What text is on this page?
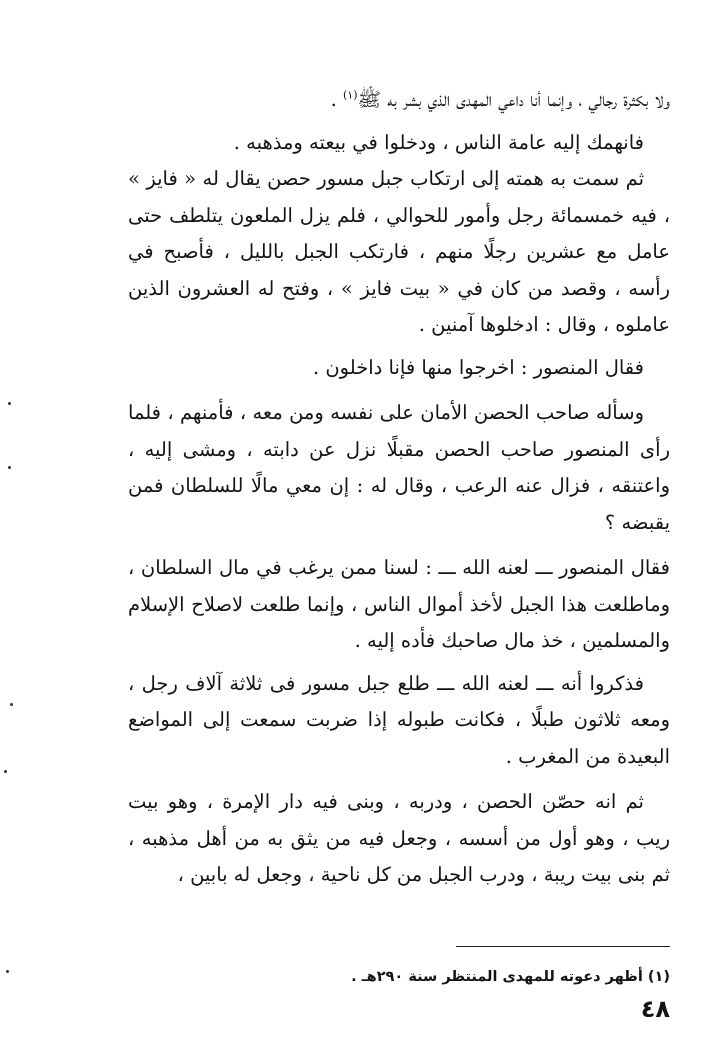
ولا بكثرة رجالي ، وإنما أنا داعي المهدى الذي بشر به ﷺ$^{(١)}$ .

فانهمك إليه عامة الناس ، ودخلوا في بيعته ومذهبه .

ثم سمت به همته إلى ارتكاب جبل مسور حصن يقال له « فايز » ، فيه خمسمائة رجل وأمور للحوالي ، فلم يزل الملعون يتلطف حتى عامل مع عشرين رجلًا منهم ، فارتكب الجبل بالليل ، فأصبح في رأسه ، وقصد من كان في « بيت فايز » ، وفتح له العشرون الذين عاملوه ، وقال : ادخلوها آمنين .

فقال المنصور : اخرجوا منها فإنا داخلون .

وسأله صاحب الحصن الأمان على نفسه ومن معه ، فأمنهم ، فلما رأى المنصور صاحب الحصن مقبلًا نزل عن دابته ، ومشى إليه ، واعتنقه ، فزال عنه الرعب ، وقال له : إن معي مالًا للسلطان فمن يقبضه ؟

فقال المنصور ـــ لعنه الله ـــ : لسنا ممن يرغب في مال السلطان ، وماطلعت هذا الجبل لأخذ أموال الناس ، وإنما طلعت لاصلاح الإسلام والمسلمين ، خذ مال صاحبك فأده إليه .

فذكروا أنه ـــ لعنه الله ـــ طلع جبل مسور فى ثلاثة آلاف رجل ، ومعه ثلاثون طبلًا ، فكانت طبوله إذا ضربت سمعت إلى المواضع البعيدة من المغرب .

ثم انه حصّن الحصن ، ودربه ، وبنى فيه دار الإمرة ، وهو بيت ريب ، وهو أول من أسسه ، وجعل فيه من يثق به من أهل مذهبه ، ثم بنى بيت ريبة ، ودرب الجبل من كل ناحية ، وجعل له بابين ،

(١) أظهر دعوته للمهدى المنتظر سنة ٢٩٠هـ .
٤٨
